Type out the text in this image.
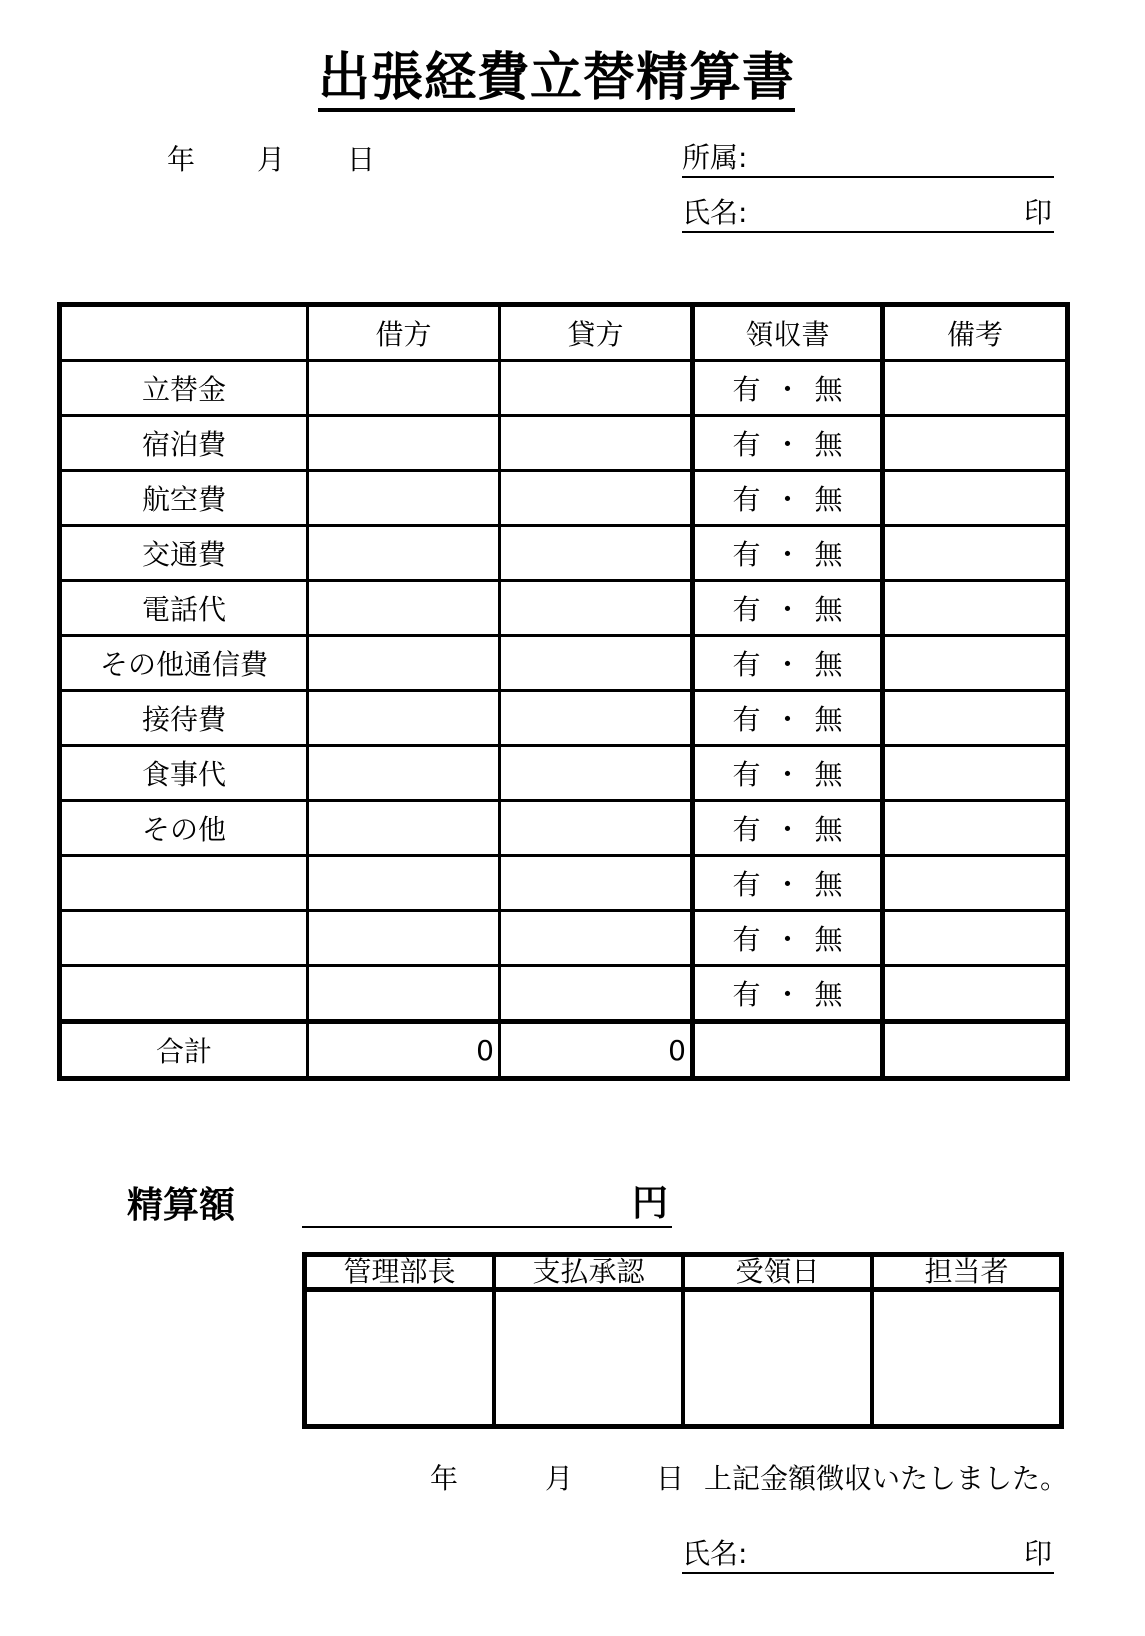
出張経費立替精算書
年 月 日	所属:
氏名:	印
	借方	貸方	領収書	備考
立替金			有 ・ 無	
宿泊費			有 ・ 無	
航空費			有 ・ 無	
交通費			有 ・ 無	
電話代			有 ・ 無	
その他通信費			有 ・ 無	
接待費			有 ・ 無	
食事代			有 ・ 無	
その他			有 ・ 無	
			有 ・ 無	
			有 ・ 無	
			有 ・ 無	
合計	0	0		
精算額	円
管理部長	支払承認	受領日	担当者

年	月	日 上記金額徴収いたしました。
氏名:	印
